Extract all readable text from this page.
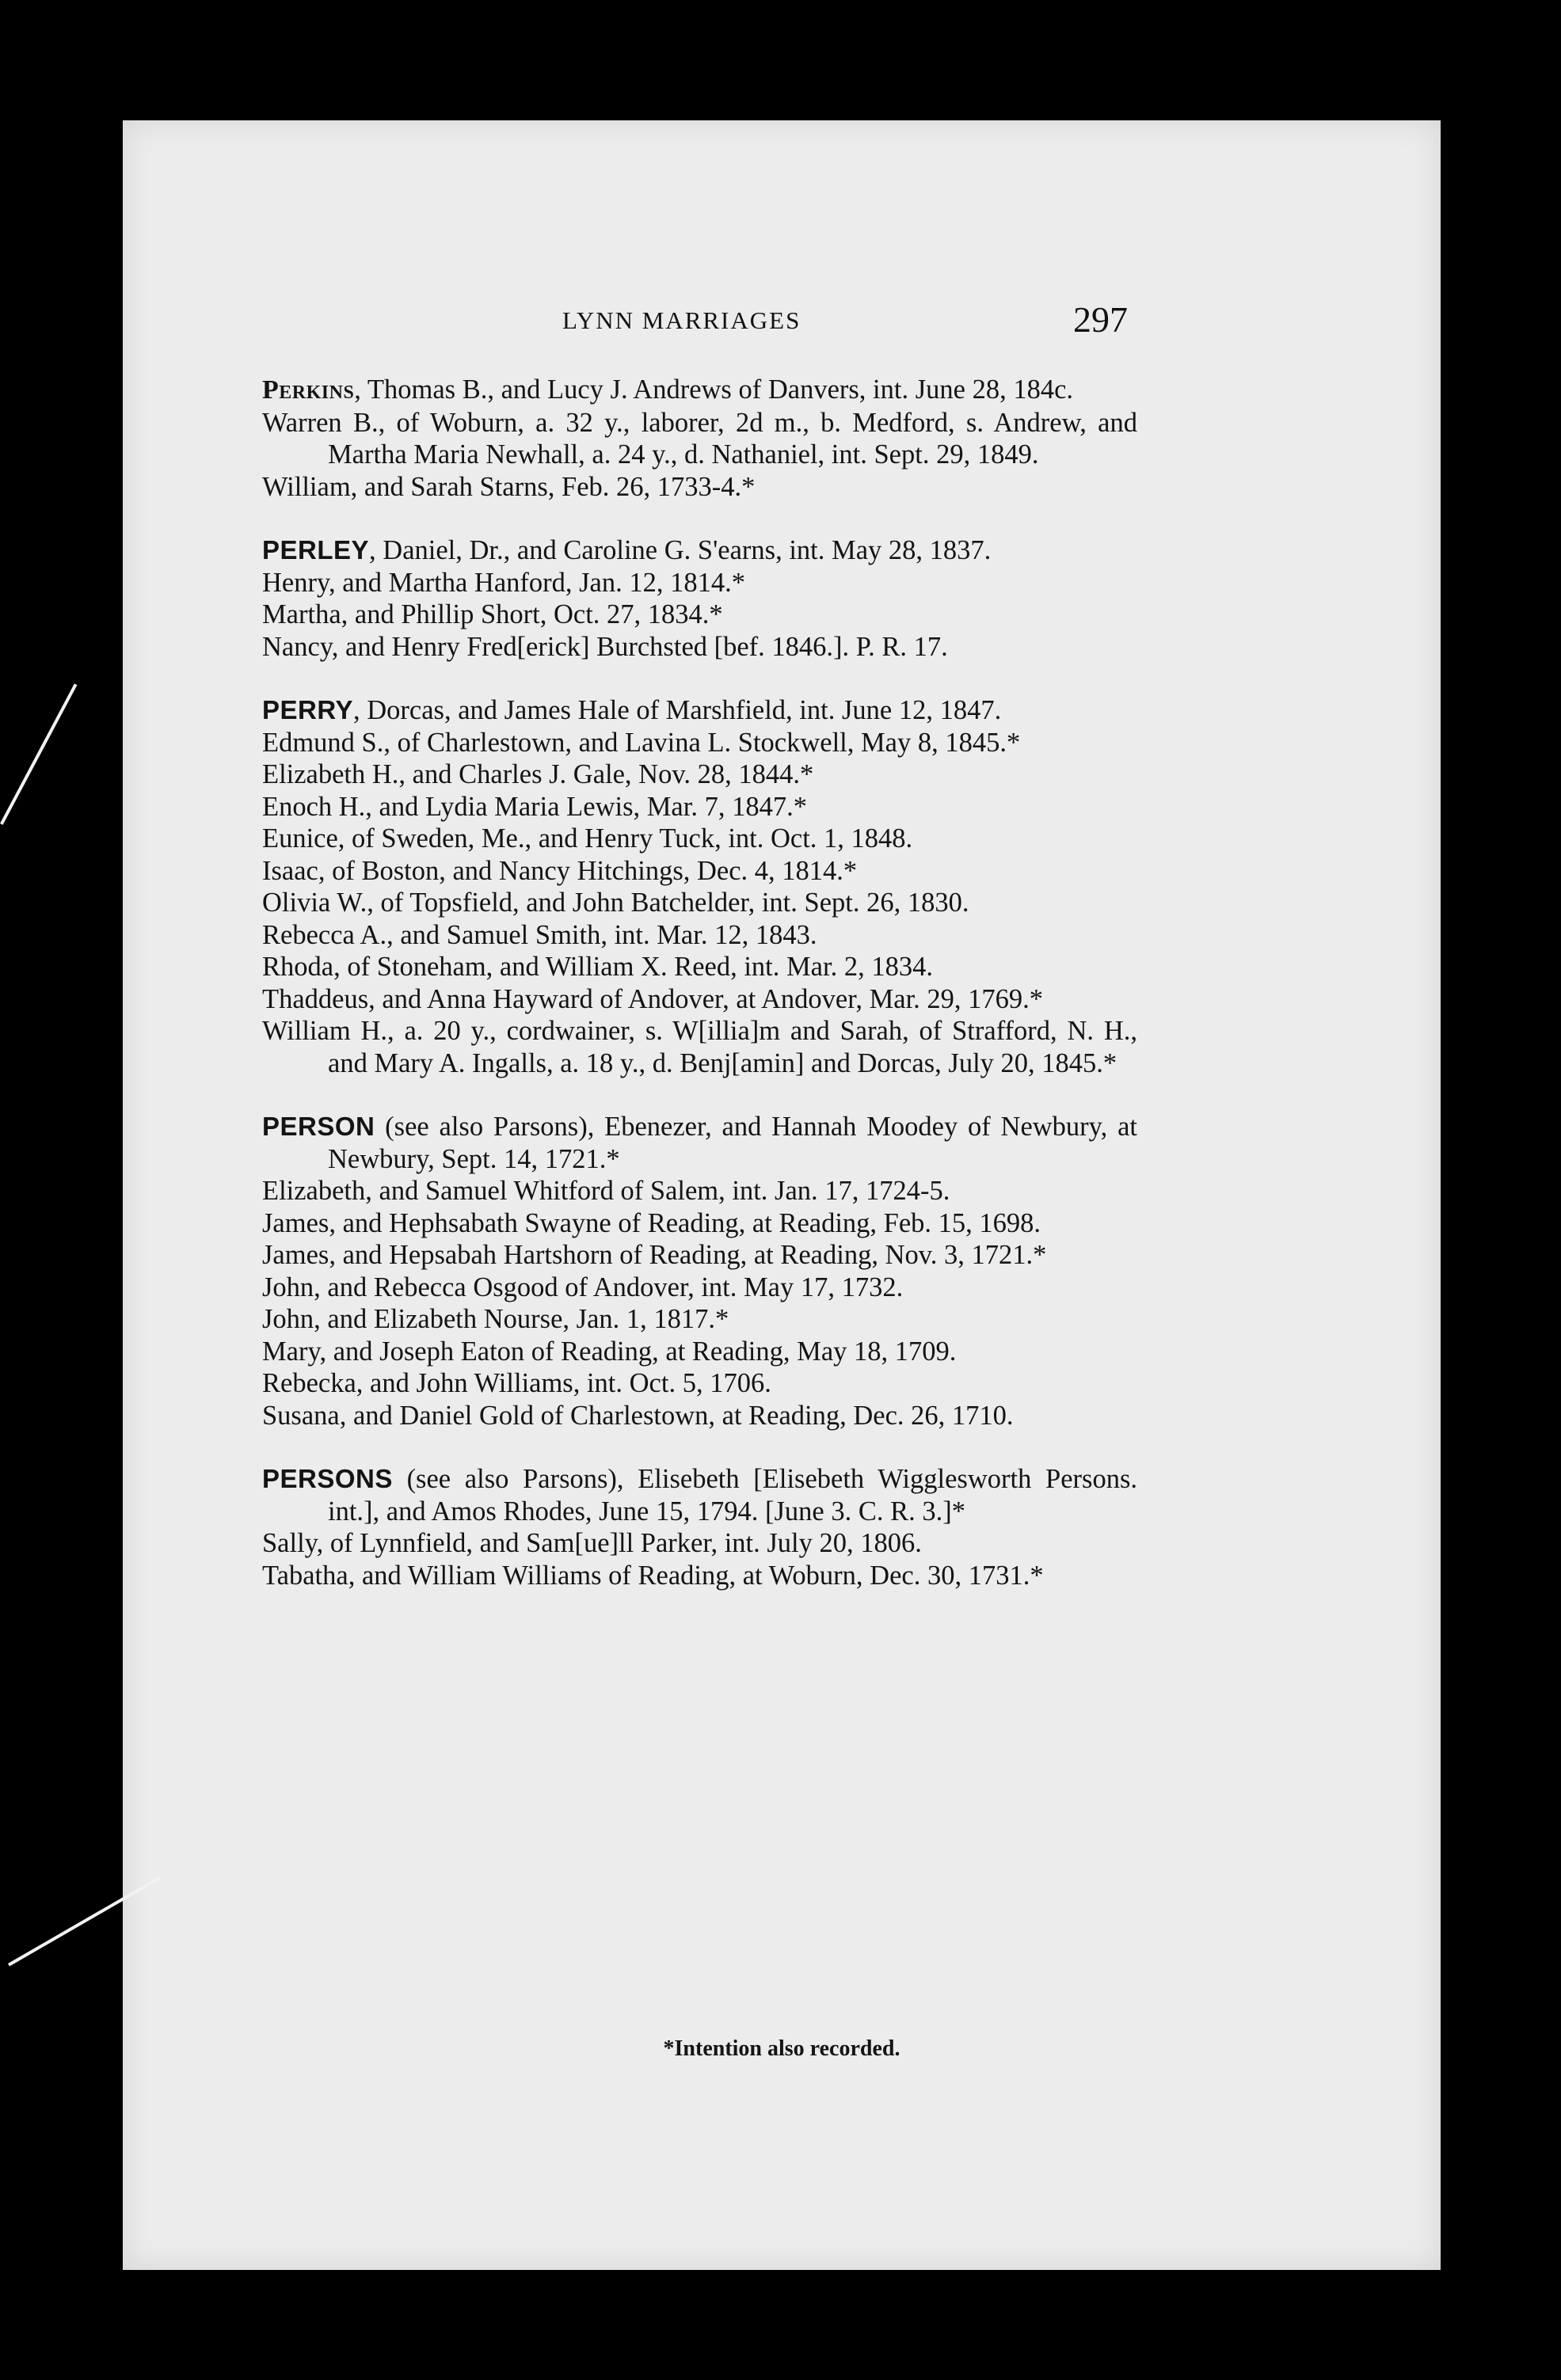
LYNN MARRIAGES	297

Perkins, Thomas B., and Lucy J. Andrews of Danvers, int. June 28, 184c.

Warren B., of Woburn, a. 32 y., laborer, 2d m., b. Medford, s. Andrew, and Martha Maria Newhall, a. 24 y., d. Nathaniel, int. Sept. 29, 1849.

William, and Sarah Starns, Feb. 26, 1733-4.*

PERLEY, Daniel, Dr., and Caroline G. S'earns, int. May 28, 1837.

Henry, and Martha Hanford, Jan. 12, 1814.*

Martha, and Phillip Short, Oct. 27, 1834.*

Nancy, and Henry Fred[erick] Burchsted [bef. 1846.]. P. R. 17.

PERRY, Dorcas, and James Hale of Marshfield, int. June 12, 1847.

Edmund S., of Charlestown, and Lavina L. Stockwell, May 8, 1845.*

Elizabeth H., and Charles J. Gale, Nov. 28, 1844.*

Enoch H., and Lydia Maria Lewis, Mar. 7, 1847.*

Eunice, of Sweden, Me., and Henry Tuck, int. Oct. 1, 1848.

Isaac, of Boston, and Nancy Hitchings, Dec. 4, 1814.*

Olivia W., of Topsfield, and John Batchelder, int. Sept. 26, 1830.

Rebecca A., and Samuel Smith, int. Mar. 12, 1843.

Rhoda, of Stoneham, and William X. Reed, int. Mar. 2, 1834.

Thaddeus, and Anna Hayward of Andover, at Andover, Mar. 29, 1769.*

William H., a. 20 y., cordwainer, s. W[illia]m and Sarah, of Strafford, N. H., and Mary A. Ingalls, a. 18 y., d. Benj[amin] and Dorcas, July 20, 1845.*

PERSON (see also Parsons), Ebenezer, and Hannah Moodey of Newbury, at Newbury, Sept. 14, 1721.*

Elizabeth, and Samuel Whitford of Salem, int. Jan. 17, 1724-5.

James, and Hephsabath Swayne of Reading, at Reading, Feb. 15, 1698.

James, and Hepsabah Hartshorn of Reading, at Reading, Nov. 3, 1721.*

John, and Rebecca Osgood of Andover, int. May 17, 1732.

John, and Elizabeth Nourse, Jan. 1, 1817.*

Mary, and Joseph Eaton of Reading, at Reading, May 18, 1709.

Rebecka, and John Williams, int. Oct. 5, 1706.

Susana, and Daniel Gold of Charlestown, at Reading, Dec. 26, 1710.

PERSONS (see also Parsons), Elisebeth [Elisebeth Wigglesworth Persons. int.], and Amos Rhodes, June 15, 1794. [June 3. C. R. 3.]*

Sally, of Lynnfield, and Sam[ue]ll Parker, int. July 20, 1806.

Tabatha, and William Williams of Reading, at Woburn, Dec. 30, 1731.*

*Intention also recorded.
